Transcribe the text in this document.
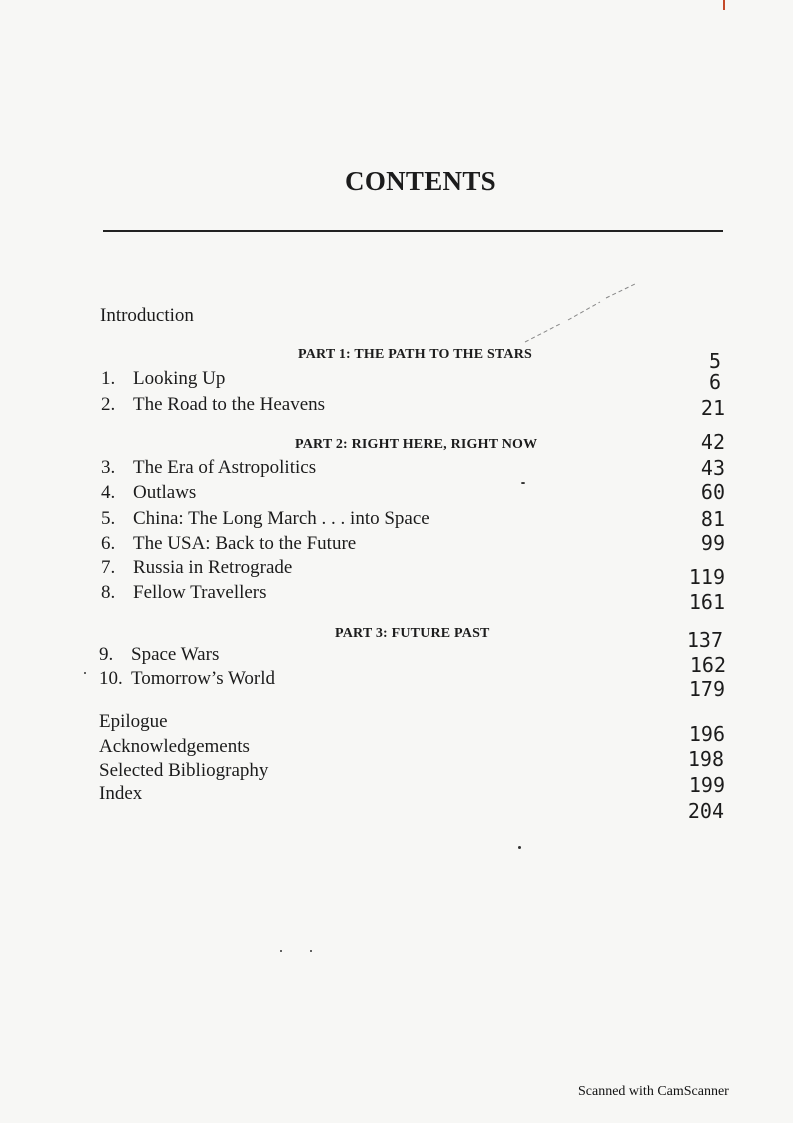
CONTENTS
Introduction
PART 1: THE PATH TO THE STARS
1. Looking Up
2. The Road to the Heavens
PART 2: RIGHT HERE, RIGHT NOW
3. The Era of Astropolitics
4. Outlaws
5. China: The Long March . . . into Space
6. The USA: Back to the Future
7. Russia in Retrograde
8. Fellow Travellers
PART 3: FUTURE PAST
9. Space Wars
10. Tomorrow’s World
Epilogue
Acknowledgements
Selected Bibliography
Index
5
6
21
42
43
60
81
99
119
161
137
162
179
196
198
199
204
Scanned with CamScanner
